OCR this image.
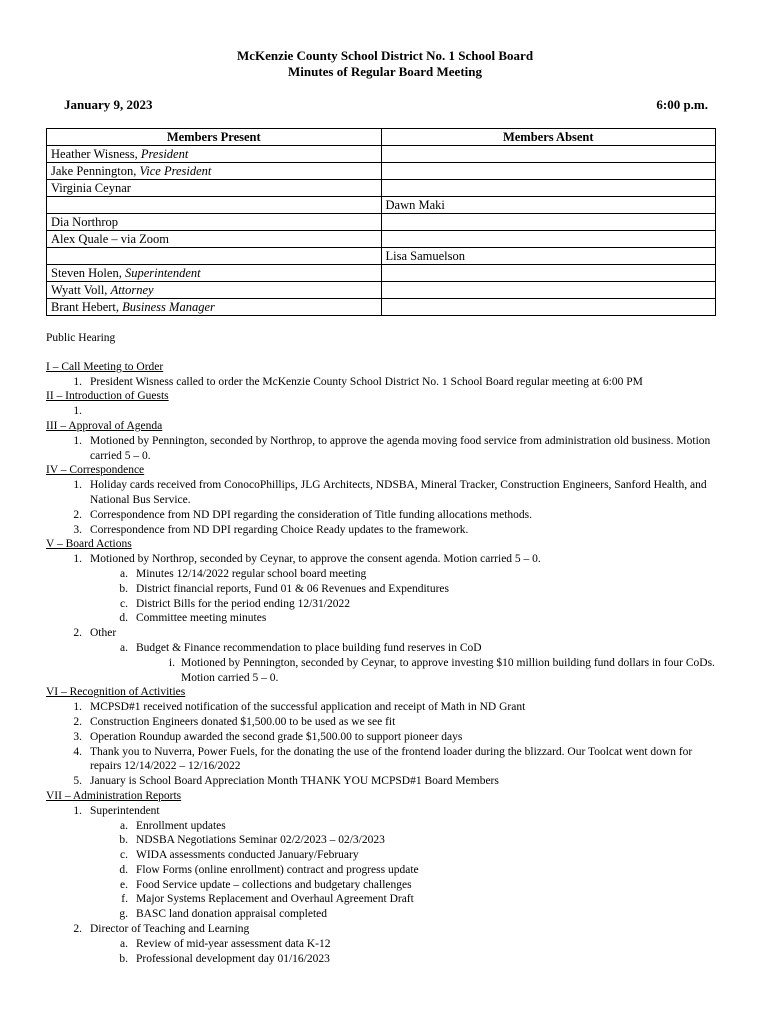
McKenzie County School District No. 1 School Board
Minutes of Regular Board Meeting
January 9, 2023	6:00 p.m.
Members Present	Members Absent
Heather Wisness, President	
Jake Pennington, Vice President	
Virginia Ceynar	
	Dawn Maki
Dia Northrop	
Alex Quale – via Zoom	
	Lisa Samuelson
Steven Holen, Superintendent	
Wyatt Voll, Attorney	
Brant Hebert, Business Manager	
Public Hearing
I – Call Meeting to Order
1. President Wisness called to order the McKenzie County School District No. 1 School Board regular meeting at 6:00 PM
II – Introduction of Guests
1.
III – Approval of Agenda
1. Motioned by Pennington, seconded by Northrop, to approve the agenda moving food service from administration old business. Motion carried 5 – 0.
IV – Correspondence
1. Holiday cards received from ConocoPhillips, JLG Architects, NDSBA, Mineral Tracker, Construction Engineers, Sanford Health, and National Bus Service.
2. Correspondence from ND DPI regarding the consideration of Title funding allocations methods.
3. Correspondence from ND DPI regarding Choice Ready updates to the framework.
V – Board Actions
1. Motioned by Northrop, seconded by Ceynar, to approve the consent agenda. Motion carried 5 – 0.
a. Minutes 12/14/2022 regular school board meeting
b. District financial reports, Fund 01 & 06 Revenues and Expenditures
c. District Bills for the period ending 12/31/2022
d. Committee meeting minutes
2. Other
a. Budget & Finance recommendation to place building fund reserves in CoD
i. Motioned by Pennington, seconded by Ceynar, to approve investing $10 million building fund dollars in four CoDs. Motion carried 5 – 0.
VI – Recognition of Activities
1. MCPSD#1 received notification of the successful application and receipt of Math in ND Grant
2. Construction Engineers donated $1,500.00 to be used as we see fit
3. Operation Roundup awarded the second grade $1,500.00 to support pioneer days
4. Thank you to Nuverra, Power Fuels, for the donating the use of the frontend loader during the blizzard. Our Toolcat went down for repairs 12/14/2022 – 12/16/2022
5. January is School Board Appreciation Month THANK YOU MCPSD#1 Board Members
VII – Administration Reports
1. Superintendent
a. Enrollment updates
b. NDSBA Negotiations Seminar 02/2/2023 – 02/3/2023
c. WIDA assessments conducted January/February
d. Flow Forms (online enrollment) contract and progress update
e. Food Service update – collections and budgetary challenges
f. Major Systems Replacement and Overhaul Agreement Draft
g. BASC land donation appraisal completed
2. Director of Teaching and Learning
a. Review of mid-year assessment data K-12
b. Professional development day 01/16/2023
